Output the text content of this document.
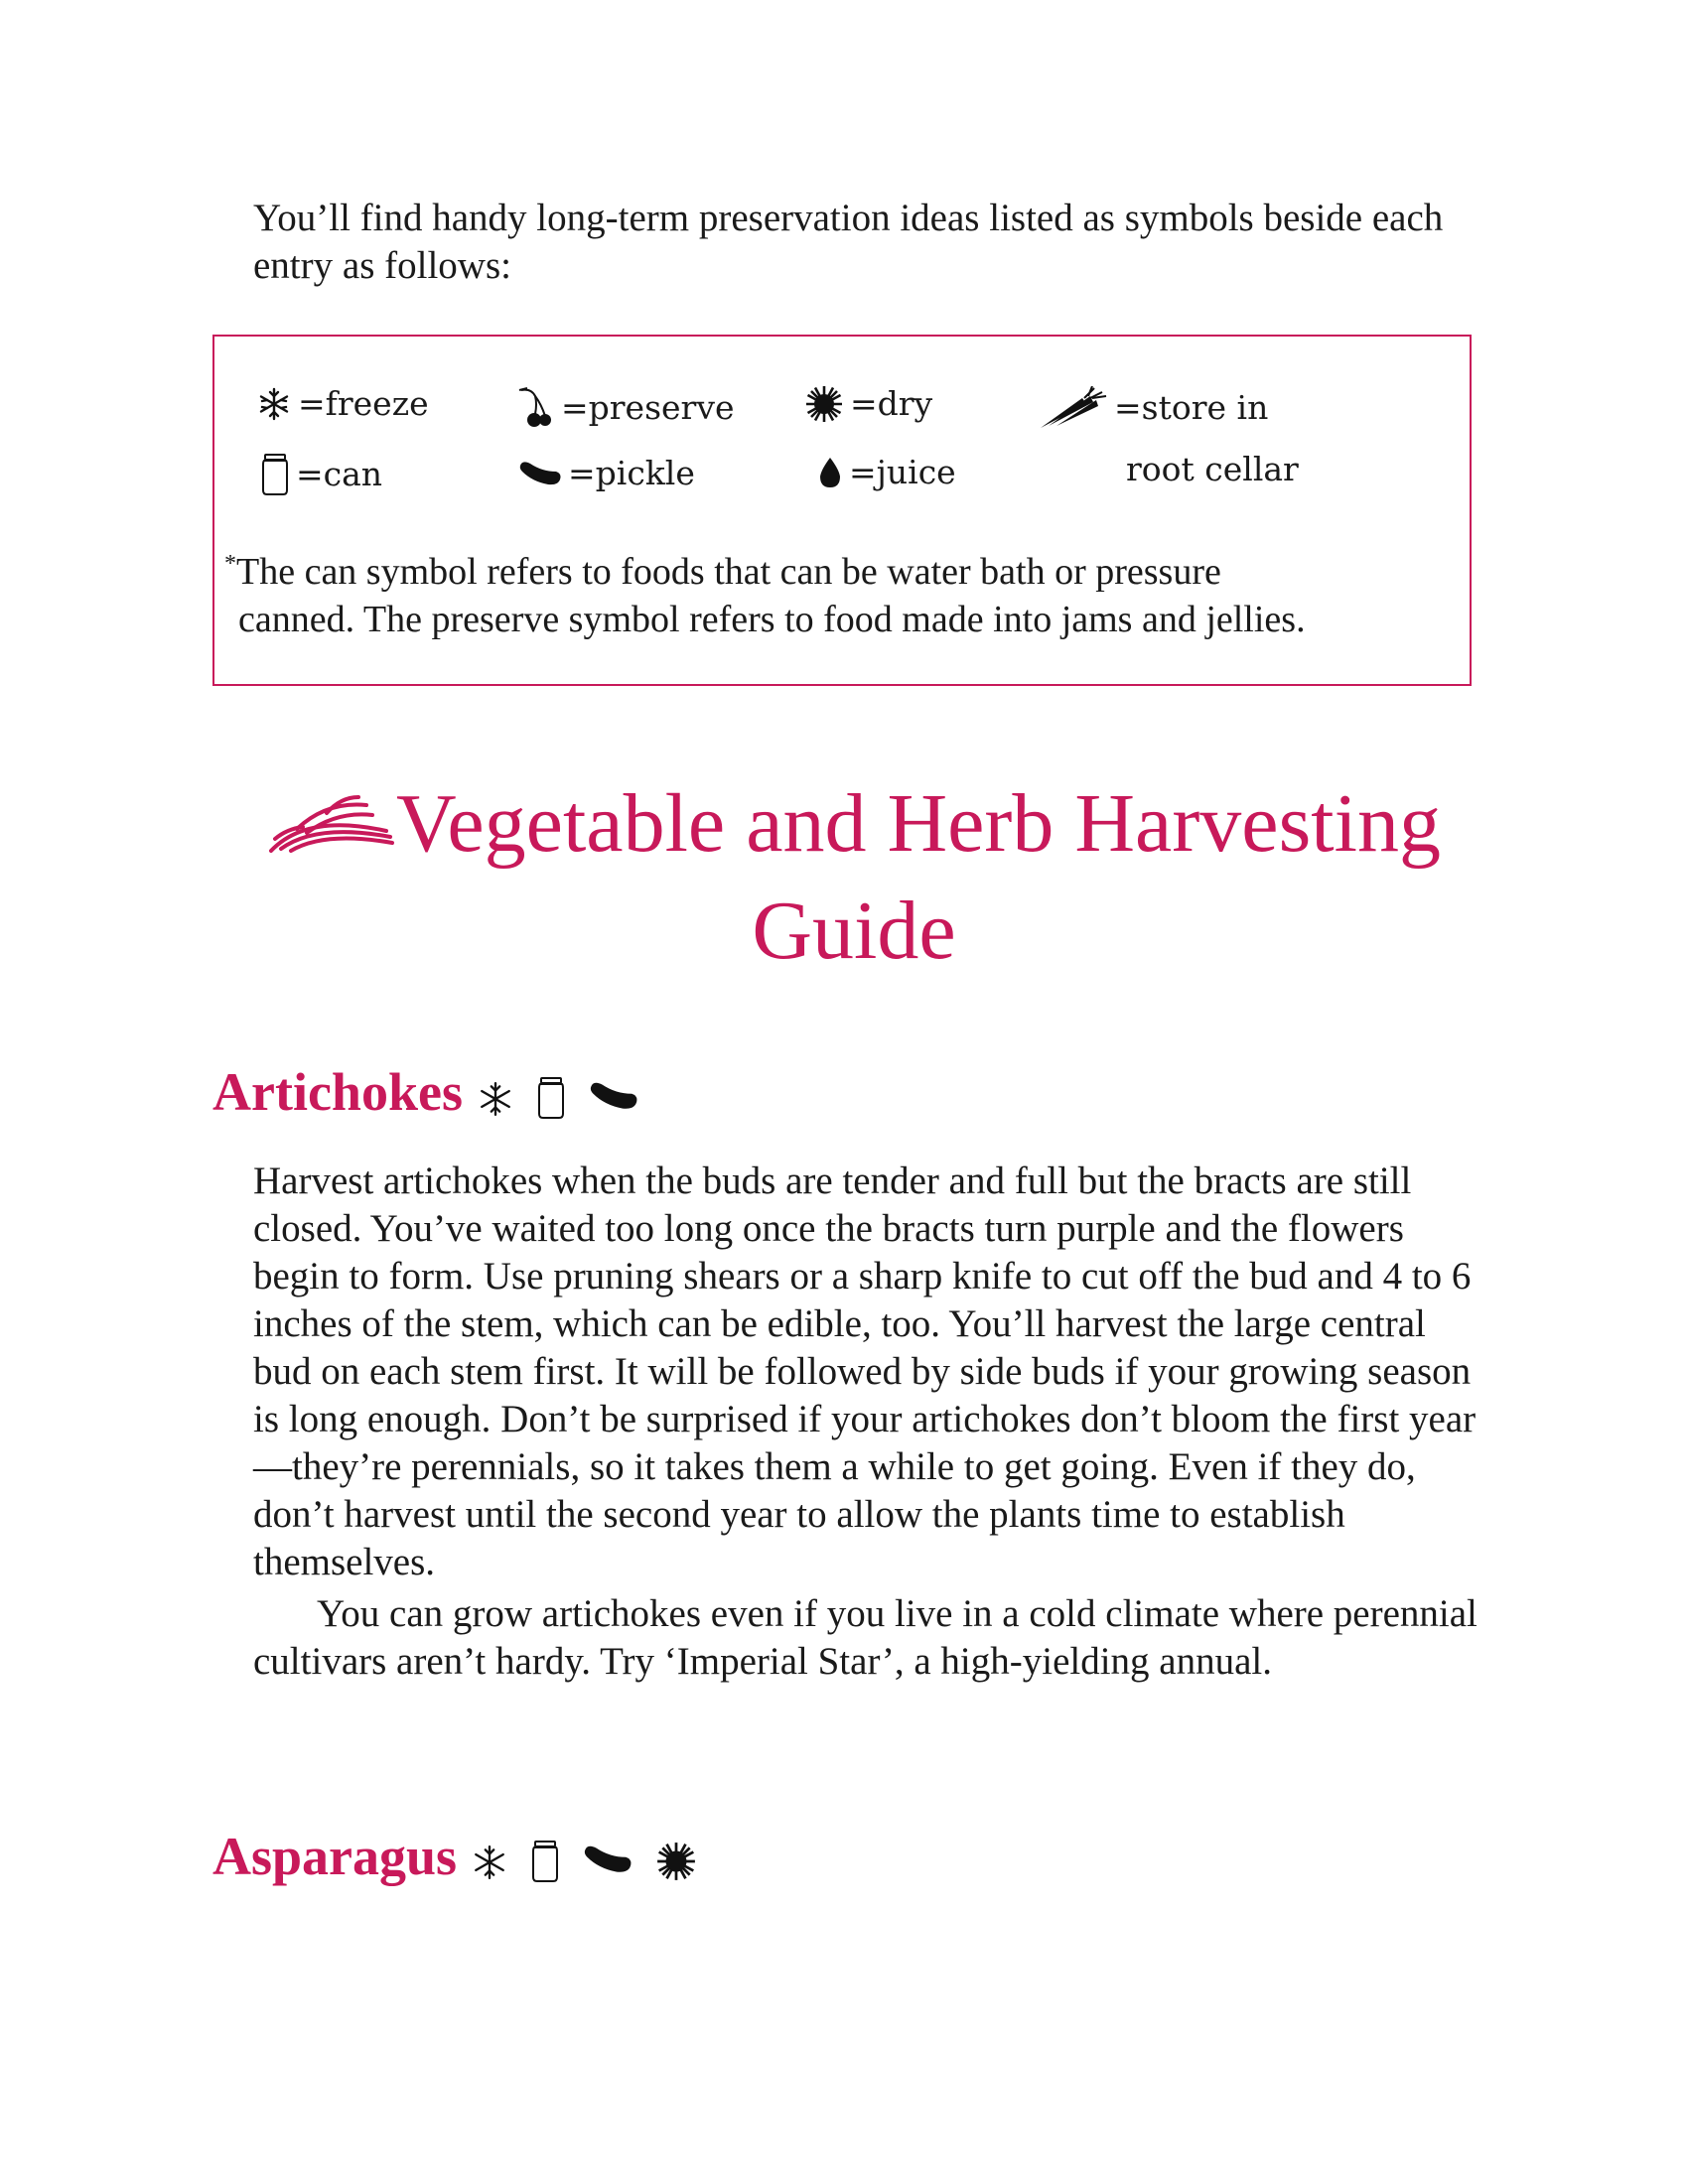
You’ll find handy long-term preservation ideas listed as symbols beside each entry as follows:
=freeze	=preserve	=dry	=store in
root cellar
=can	=pickle	=juice
*The can symbol refers to foods that can be water bath or pressure
canned. The preserve symbol refers to food made into jams and jellies.
Vegetable and Herb Harvesting
Guide
Artichokes

Harvest artichokes when the buds are tender and full but the bracts are still closed. You’ve waited too long once the bracts turn purple and the flowers begin to form. Use pruning shears or a sharp knife to cut off the bud and 4 to 6 inches of the stem, which can be edible, too. You’ll harvest the large central bud on each stem first. It will be followed by side buds if your growing season is long enough. Don’t be surprised if your artichokes don’t bloom the first year—they’re perennials, so it takes them a while to get going. Even if they do, don’t harvest until the second year to allow the plants time to establish themselves.

You can grow artichokes even if you live in a cold climate where perennial cultivars aren’t hardy. Try ‘Imperial Star’, a high-yielding annual.

Asparagus
